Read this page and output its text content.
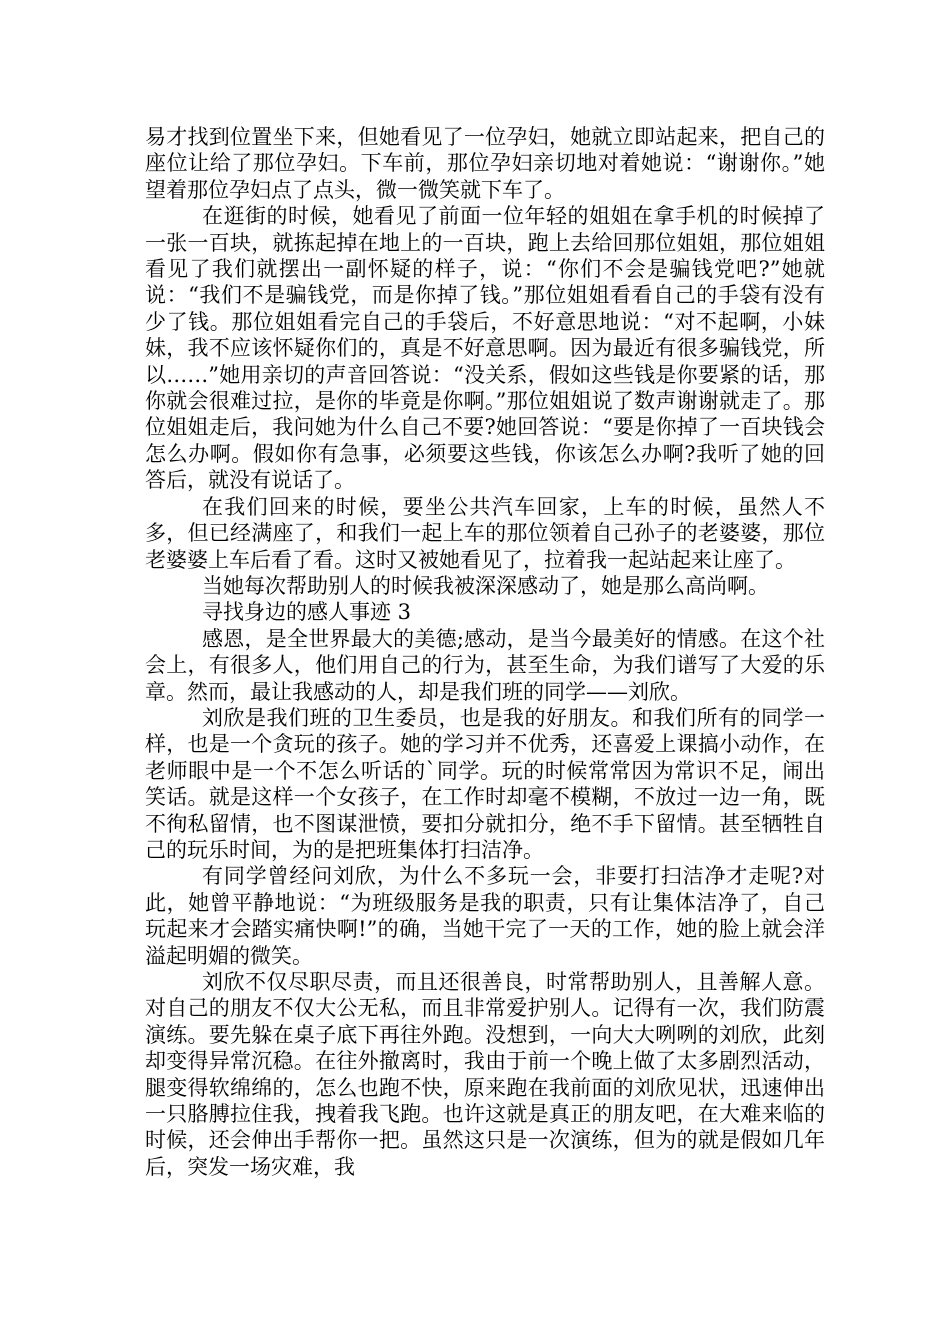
易才找到位置坐下来，但她看见了一位孕妇，她就立即站起来，把自己的座位让给了那位孕妇。下车前，那位孕妇亲切地对着她说：“谢谢你。”她望着那位孕妇点了点头，微一微笑就下车了。

在逛街的时候，她看见了前面一位年轻的姐姐在拿手机的时候掉了一张一百块，就拣起掉在地上的一百块，跑上去给回那位姐姐，那位姐姐看见了我们就摆出一副怀疑的样子，说：“你们不会是骗钱党吧?”她就说：“我们不是骗钱党，而是你掉了钱。”那位姐姐看看自己的手袋有没有少了钱。那位姐姐看完自己的手袋后，不好意思地说：“对不起啊，小妹妹，我不应该怀疑你们的，真是不好意思啊。因为最近有很多骗钱党，所以……”她用亲切的声音回答说：“没关系，假如这些钱是你要紧的话，那你就会很难过拉，是你的毕竟是你啊。”那位姐姐说了数声谢谢就走了。那位姐姐走后，我问她为什么自己不要?她回答说：“要是你掉了一百块钱会怎么办啊。假如你有急事，必须要这些钱，你该怎么办啊?我听了她的回答后，就没有说话了。

在我们回来的时候，要坐公共汽车回家，上车的时候，虽然人不多，但已经满座了，和我们一起上车的那位领着自己孙子的老婆婆，那位老婆婆上车后看了看。这时又被她看见了，拉着我一起站起来让座了。

当她每次帮助别人的时候我被深深感动了，她是那么高尚啊。

寻找身边的感人事迹 3

感恩，是全世界最大的美德;感动，是当今最美好的情感。在这个社会上，有很多人，他们用自己的行为，甚至生命，为我们谱写了大爱的乐章。然而，最让我感动的人，却是我们班的同学——刘欣。

刘欣是我们班的卫生委员，也是我的好朋友。和我们所有的同学一样，也是一个贪玩的孩子。她的学习并不优秀，还喜爱上课搞小动作，在老师眼中是一个不怎么听话的`同学。玩的时候常常因为常识不足，闹出笑话。就是这样一个女孩子，在工作时却毫不模糊，不放过一边一角，既不徇私留情，也不图谋泄愤，要扣分就扣分，绝不手下留情。甚至牺牲自己的玩乐时间，为的是把班集体打扫洁净。

有同学曾经问刘欣，为什么不多玩一会，非要打扫洁净才走呢?对此，她曾平静地说：“为班级服务是我的职责，只有让集体洁净了，自己玩起来才会踏实痛快啊!”的确，当她干完了一天的工作，她的脸上就会洋溢起明媚的微笑。

刘欣不仅尽职尽责，而且还很善良，时常帮助别人，且善解人意。对自己的朋友不仅大公无私，而且非常爱护别人。记得有一次，我们防震演练。要先躲在桌子底下再往外跑。没想到，一向大大咧咧的刘欣，此刻却变得异常沉稳。在往外撤离时，我由于前一个晚上做了太多剧烈活动，腿变得软绵绵的，怎么也跑不快，原来跑在我前面的刘欣见状，迅速伸出一只胳膊拉住我，拽着我飞跑。也许这就是真正的朋友吧，在大难来临的时候，还会伸出手帮你一把。虽然这只是一次演练，但为的就是假如几年后，突发一场灾难，我
